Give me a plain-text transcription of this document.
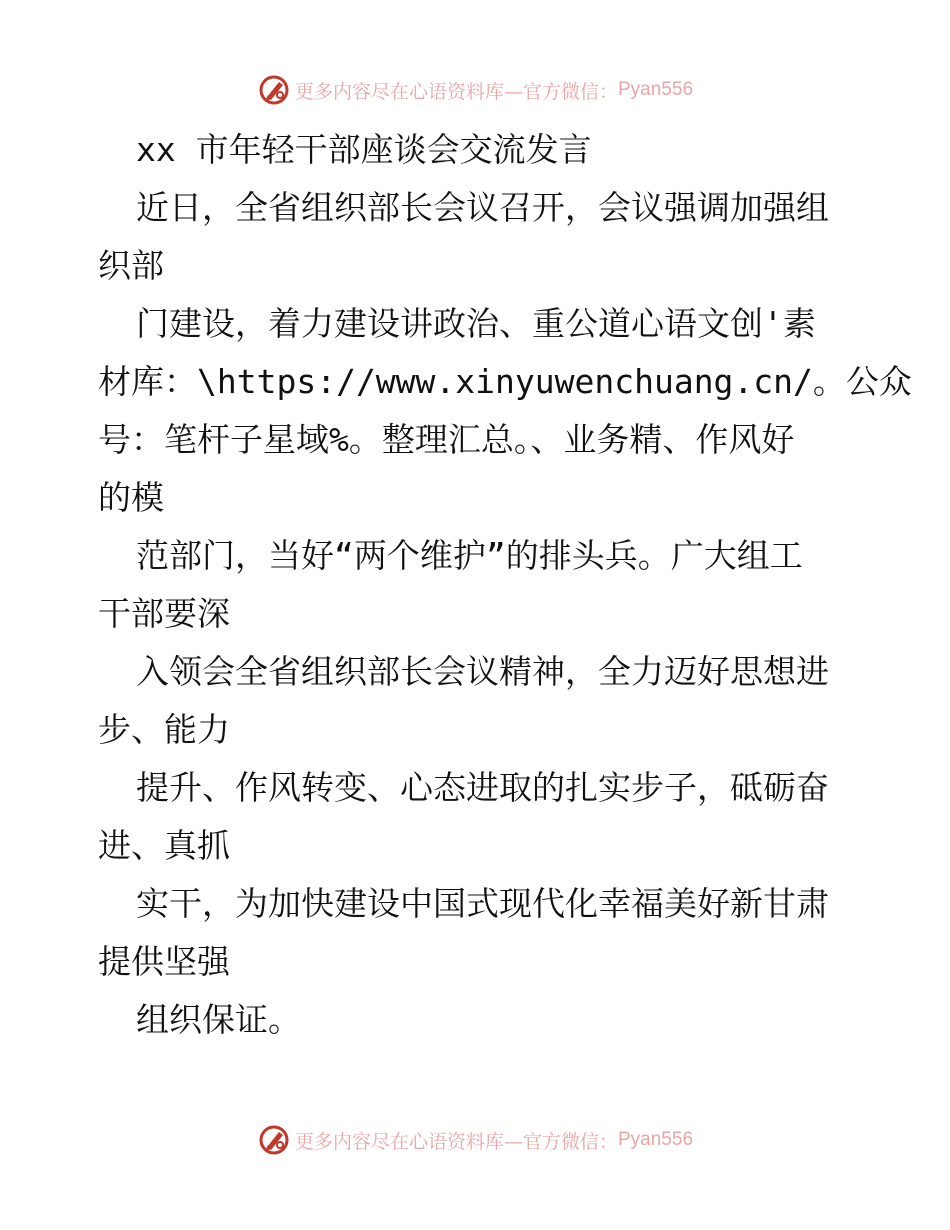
更多内容尽在心语资料库—官方微信： Pyan556
xx 市年轻干部座谈会交流发言
近日，全省组织部长会议召开，会议强调加强组
织部
门建设，着力建设讲政治、重公道心语文创'素
材库：\https://www.xinyuwenchuang.cn/。公众
号：笔杆子星域%。整理汇总。、业务精、作风好
的模
范部门，当好“两个维护”的排头兵。广大组工
干部要深
入领会全省组织部长会议精神，全力迈好思想进
步、能力
提升、作风转变、心态进取的扎实步子，砥砺奋
进、真抓
实干，为加快建设中国式现代化幸福美好新甘肃
提供坚强
组织保证。
更多内容尽在心语资料库—官方微信： Pyan556
